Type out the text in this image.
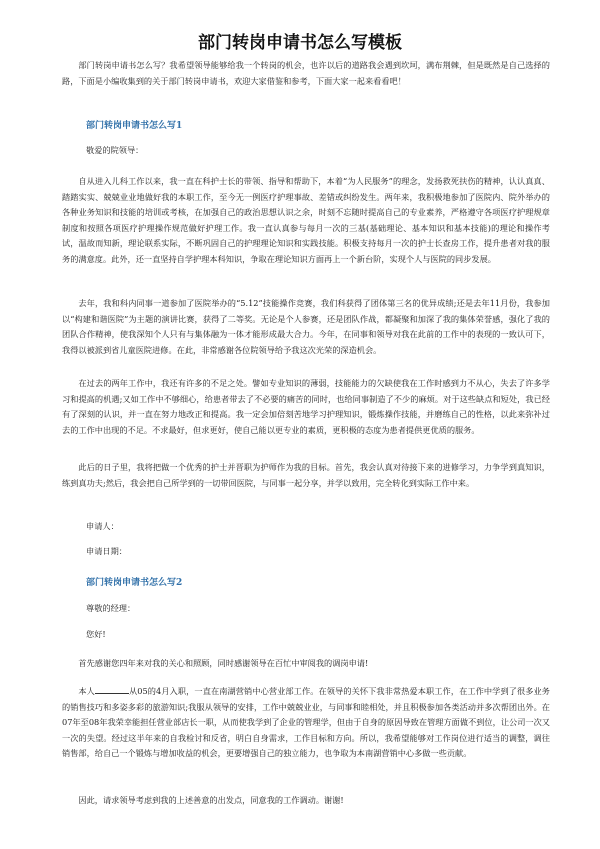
部门转岗申请书怎么写模板

部门转岗申请书怎么写？我希望领导能够给我一个转岗的机会，也许以后的道路我会遇到坎坷，满布荆棘，但是既然是自己选择的路，下面是小编收集到的关于部门转岗申请书，欢迎大家借鉴和参考，下面大家一起来看看吧！

部门转岗申请书怎么写1

敬爱的院领导：

自从进入儿科工作以来，我一直在科护士长的带领、指导和帮助下，本着“为人民服务”的理念，发扬救死扶伤的精神，认认真真、踏踏实实、兢兢业业地做好我的本职工作，至今无一例医疗护理事故、差错或纠纷发生。两年来，我积极地参加了医院内、院外举办的各种业务知识和技能的培训或考核，在加强自己的政治思想认识之余，时刻不忘随时提高自己的专业素养，严格遵守各项医疗护理规章制度和按照各项医疗护理操作规范做好护理工作。我一直认真参与每月一次的三基(基础理论、基本知识和基本技能)的理论和操作考试，温故而知新，理论联系实际，不断巩固自己的护理理论知识和实践技能。积极支持每月一次的护士长查房工作，提升患者对我的服务的满意度。此外，还一直坚持自学护理本科知识，争取在理论知识方面再上一个新台阶，实现个人与医院的同步发展。

去年，我和科内同事一道参加了医院举办的“5.12”技能操作竞赛，我们科获得了团体第三名的优异成绩;还是去年11月份，我参加以“构建和谐医院”为主题的演讲比赛，获得了二等奖。无论是个人参赛，还是团队作战，都凝聚和加深了我的集体荣誉感，强化了我的团队合作精神，使我深知个人只有与集体融为一体才能形成最大合力。今年，在同事和领导对我在此前的工作中的表现的一致认可下，我得以被派到省儿童医院进修。在此，非常感谢各位院领导给予我这次光荣的深造机会。

在过去的两年工作中，我还有许多的不足之处。譬如专业知识的薄弱，技能能力的欠缺使我在工作时感到力不从心，失去了许多学习和提高的机遇;又如工作中不够细心，给患者带去了不必要的痛苦的同时，也给同事制造了不少的麻烦。对于这些缺点和短处，我已经有了深刻的认识，并一直在努力地改正和提高。我一定会加倍刻苦地学习护理知识，锻炼操作技能，并磨练自己的性格，以此来弥补过去的工作中出现的不足。不求最好，但求更好，使自己能以更专业的素质，更积极的态度为患者提供更优质的服务。

此后的日子里，我将把做一个优秀的护士并晋职为护师作为我的目标。首先，我会认真对待接下来的进修学习，力争学到真知识，练到真功夫;然后，我会把自己所学到的一切带回医院，与同事一起分享，并学以致用，完全转化到实际工作中来。

申请人：

申请日期：

部门转岗申请书怎么写2

尊敬的经理：

您好!

首先感谢您四年来对我的关心和照顾，同时感谢领导在百忙中审阅我的调岗申请!

本人	从05的4月入职，一直在南湖营销中心营业部工作。在领导的关怀下我非常热爱本职工作，在工作中学到了很多业务的销售技巧和多姿多彩的旅游知识;我服从领导的安排，工作中兢兢业业，与同事和睦相处，并且积极参加各类活动并多次帮团出外。在07年至08年我荣幸能担任营业部店长一职，从而使我学到了企业的管理学，但由于自身的原因导致在管理方面做不到位，让公司一次又一次的失望。经过这半年来的自我检讨和反省，明白自身需求，工作目标和方向。所以，我希望能够对工作岗位进行适当的调整，调往销售部，给自己一个锻炼与增加收益的机会，更要增强自己的独立能力，也争取为本南湖营销中心多做一些贡献。

因此，请求领导考虑到我的上述善意的出发点，同意我的工作调动。谢谢!
